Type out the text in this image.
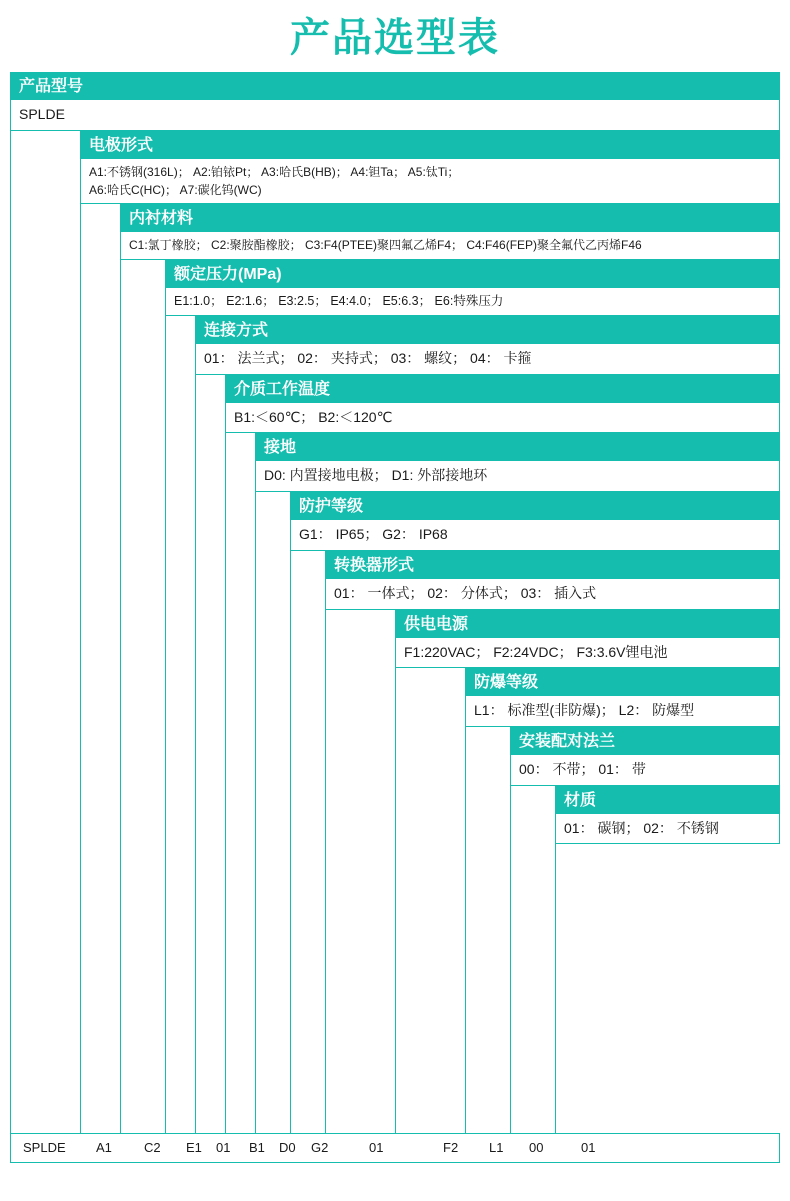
产品选型表
产品型号
SPLDE
电极形式
A1:不锈钢(316L)； A2:铂铱Pt； A3:哈氏B(HB)； A4:钽Ta； A5:钛Ti；
A6:哈氏C(HC)； A7:碳化钨(WC)
内衬材料
C1:氯丁橡胶； C2:聚胺酯橡胶； C3:F4(PTEE)聚四氟乙烯F4； C4:F46(FEP)聚全氟代乙丙烯F46
额定压力(MPa)
E1:1.0； E2:1.6； E3:2.5； E4:4.0； E5:6.3； E6:特殊压力
连接方式
01： 法兰式； 02： 夹持式； 03： 螺纹； 04： 卡箍
介质工作温度
B1:＜60℃； B2:＜120℃
接地
D0: 内置接地电极； D1: 外部接地环
防护等级
G1： IP65； G2： IP68
转换器形式
01： 一体式； 02： 分体式； 03： 插入式
供电电源
F1:220VAC； F2:24VDC； F3:3.6V锂电池
防爆等级
L1： 标准型(非防爆)； L2： 防爆型
安装配对法兰
00： 不带； 01： 带
材质
01： 碳钢； 02： 不锈钢
SPLDE A1 C2 E1 01 B1 D0 G2	01	F2 L1 00	01
